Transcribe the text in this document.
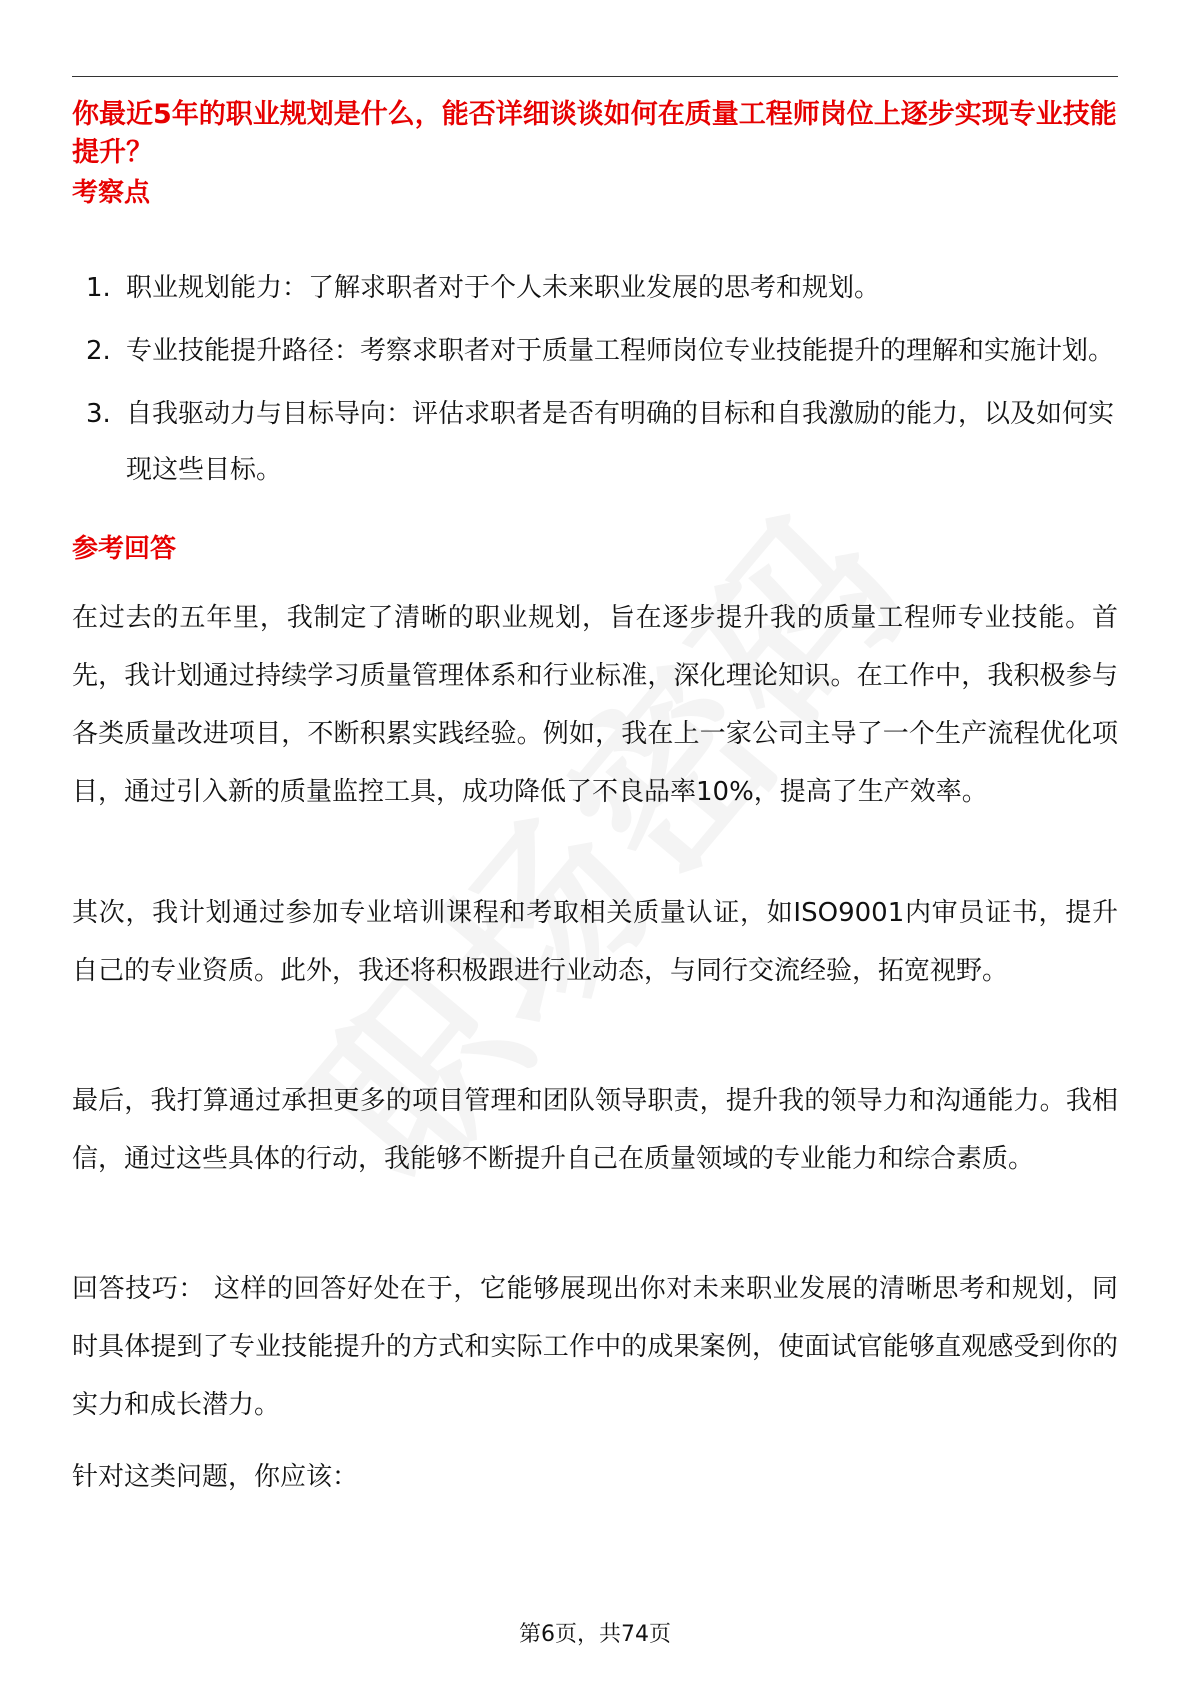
你最近5年的职业规划是什么，能否详细谈谈如何在质量工程师岗位上逐步实现专业技能提升？
考察点
1. 职业规划能力：了解求职者对于个人未来职业发展的思考和规划。
2. 专业技能提升路径：考察求职者对于质量工程师岗位专业技能提升的理解和实施计划。
3. 自我驱动力与目标导向：评估求职者是否有明确的目标和自我激励的能力，以及如何实现这些目标。
参考回答

在过去的五年里，我制定了清晰的职业规划，旨在逐步提升我的质量工程师专业技能。首先，我计划通过持续学习质量管理体系和行业标准，深化理论知识。在工作中，我积极参与各类质量改进项目，不断积累实践经验。例如，我在上一家公司主导了一个生产流程优化项目，通过引入新的质量监控工具，成功降低了不良品率10%，提高了生产效率。

其次，我计划通过参加专业培训课程和考取相关质量认证，如ISO9001内审员证书，提升自己的专业资质。此外，我还将积极跟进行业动态，与同行交流经验，拓宽视野。

最后，我打算通过承担更多的项目管理和团队领导职责，提升我的领导力和沟通能力。我相信，通过这些具体的行动，我能够不断提升自己在质量领域的专业能力和综合素质。

回答技巧： 这样的回答好处在于，它能够展现出你对未来职业发展的清晰思考和规划，同时具体提到了专业技能提升的方式和实际工作中的成果案例，使面试官能够直观感受到你的实力和成长潜力。

针对这类问题，你应该：

第6页，共74页
